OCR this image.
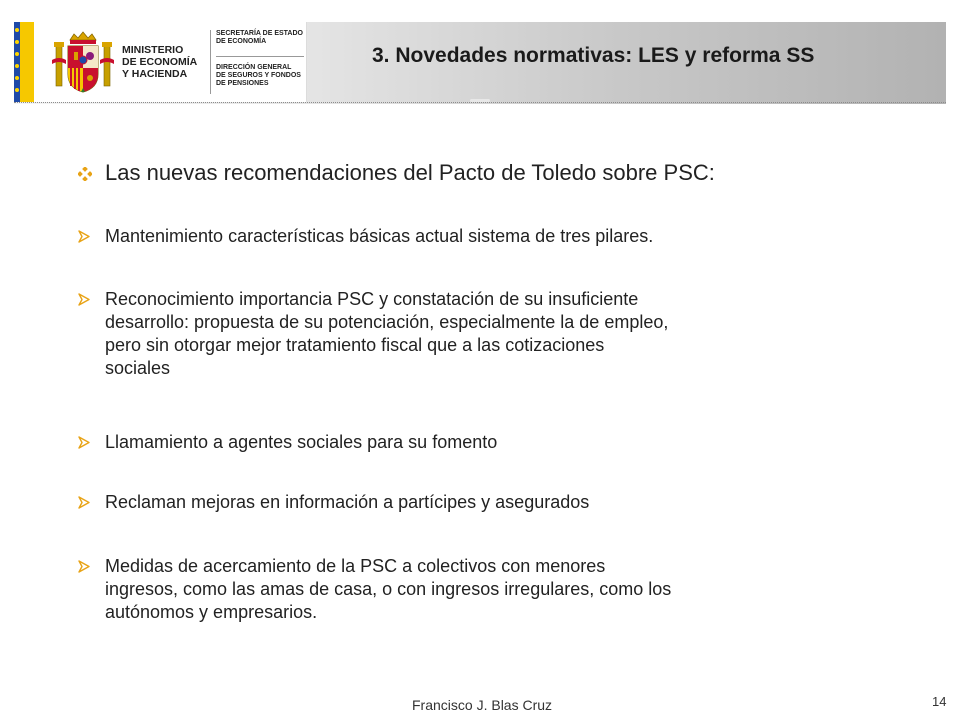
MINISTERIO
DE ECONOMÍA
Y HACIENDA
SECRETARÍA DE ESTADO
DE ECONOMÍA
DIRECCIÓN GENERAL
DE SEGUROS Y FONDOS
DE PENSIONES
3. Novedades normativas: LES y reforma SS
Las nuevas recomendaciones del Pacto de Toledo sobre PSC:
Mantenimiento características básicas actual sistema de tres pilares.
Reconocimiento importancia PSC y constatación de su insuficiente
desarrollo: propuesta de su potenciación, especialmente la de empleo,
pero sin otorgar mejor tratamiento fiscal que a las cotizaciones
sociales
Llamamiento a agentes sociales para su fomento
Reclaman mejoras en información a partícipes y asegurados
Medidas de acercamiento de la PSC a colectivos con menores
ingresos, como las amas de casa, o con ingresos irregulares, como los
autónomos y empresarios.
Francisco J. Blas Cruz	14
